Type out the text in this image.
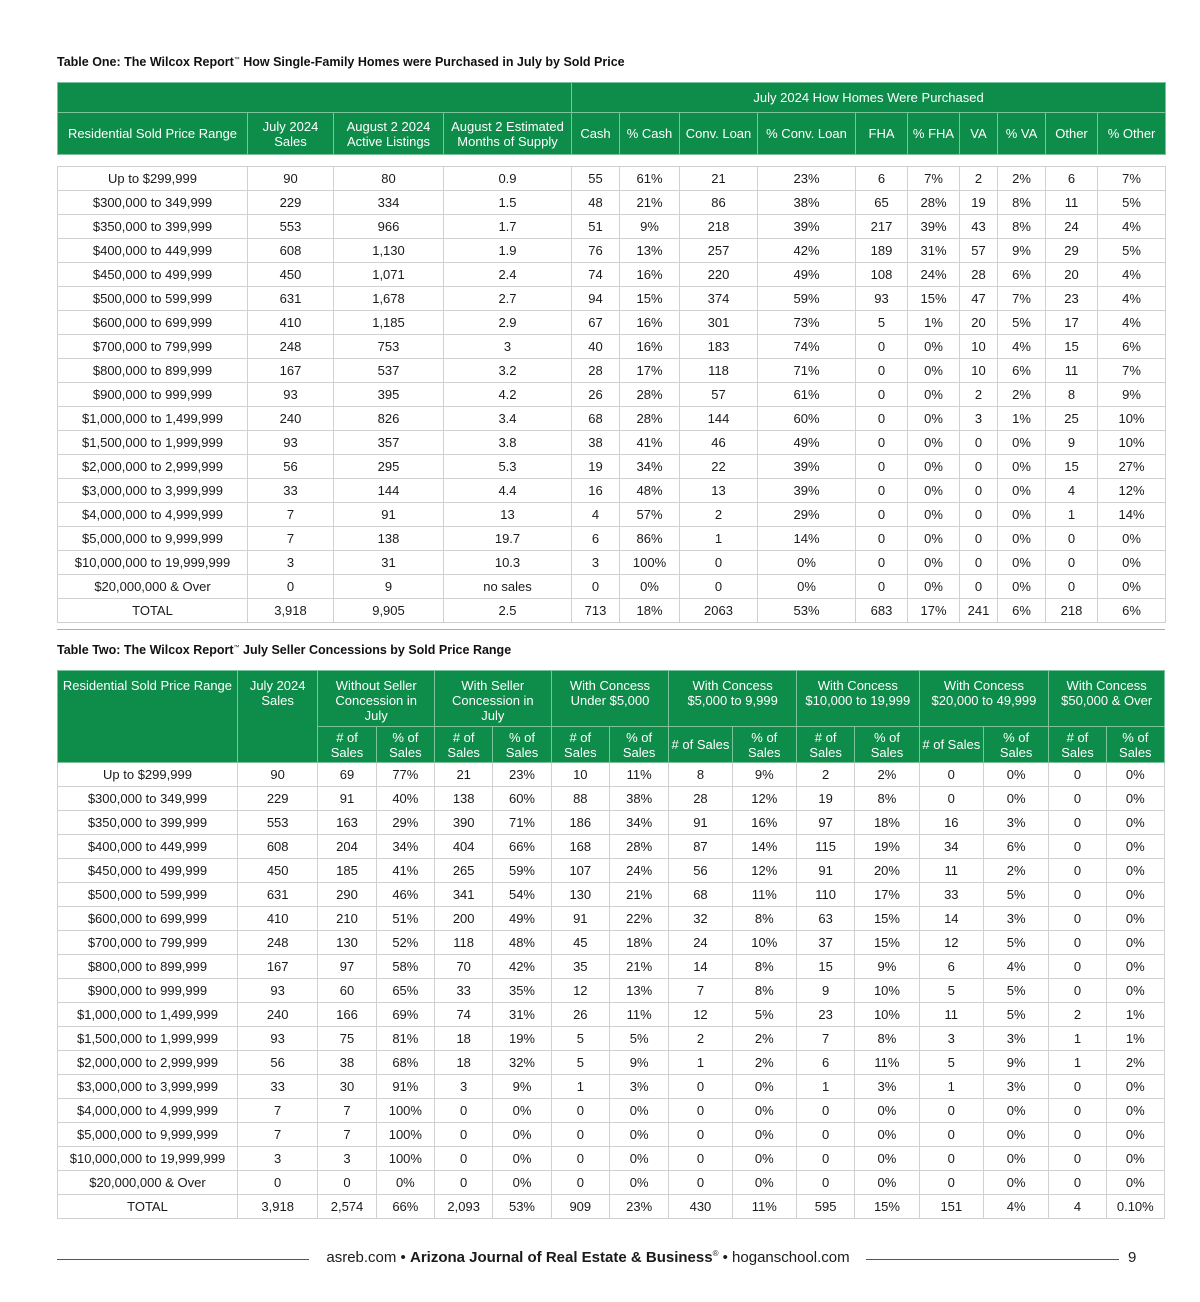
Table One: The Wilcox Report™ How Single-Family Homes were Purchased in July by Sold Price
				July 2024 How Homes Were Purchased									
Residential Sold Price Range	July 2024 Sales	August 2 2024 Active Listings	August 2 Estimated Months of Supply	Cash	% Cash	Conv. Loan	% Conv. Loan	FHA	% FHA	VA	% VA	Other	% Other

Up to $299,999	90	80	0.9	55	61%	21	23%	6	7%	2	2%	6	7%
$300,000 to 349,999	229	334	1.5	48	21%	86	38%	65	28%	19	8%	11	5%
$350,000 to 399,999	553	966	1.7	51	9%	218	39%	217	39%	43	8%	24	4%
$400,000 to 449,999	608	1,130	1.9	76	13%	257	42%	189	31%	57	9%	29	5%
$450,000 to 499,999	450	1,071	2.4	74	16%	220	49%	108	24%	28	6%	20	4%
$500,000 to 599,999	631	1,678	2.7	94	15%	374	59%	93	15%	47	7%	23	4%
$600,000 to 699,999	410	1,185	2.9	67	16%	301	73%	5	1%	20	5%	17	4%
$700,000 to 799,999	248	753	3	40	16%	183	74%	0	0%	10	4%	15	6%
$800,000 to 899,999	167	537	3.2	28	17%	118	71%	0	0%	10	6%	11	7%
$900,000 to 999,999	93	395	4.2	26	28%	57	61%	0	0%	2	2%	8	9%
$1,000,000 to 1,499,999	240	826	3.4	68	28%	144	60%	0	0%	3	1%	25	10%
$1,500,000 to 1,999,999	93	357	3.8	38	41%	46	49%	0	0%	0	0%	9	10%
$2,000,000 to 2,999,999	56	295	5.3	19	34%	22	39%	0	0%	0	0%	15	27%
$3,000,000 to 3,999,999	33	144	4.4	16	48%	13	39%	0	0%	0	0%	4	12%
$4,000,000 to 4,999,999	7	91	13	4	57%	2	29%	0	0%	0	0%	1	14%
$5,000,000 to 9,999,999	7	138	19.7	6	86%	1	14%	0	0%	0	0%	0	0%
$10,000,000 to 19,999,999	3	31	10.3	3	100%	0	0%	0	0%	0	0%	0	0%
$20,000,000 & Over	0	9	no sales	0	0%	0	0%	0	0%	0	0%	0	0%
TOTAL	3,918	9,905	2.5	713	18%	2063	53%	683	17%	241	6%	218	6%
Table Two: The Wilcox Report™ July Seller Concessions by Sold Price Range
Residential Sold Price Range	July 2024 Sales	Without Seller Concession in July		With Seller Concession in July		With Concess Under $5,000		With Concess $5,000 to 9,999		With Concess $10,000 to 19,999		With Concess $20,000 to 49,999		With Concess $50,000 & Over	
		# of Sales	% of Sales	# of Sales	% of Sales	# of Sales	% of Sales	# of Sales	% of Sales	# of Sales	% of Sales	# of Sales	% of Sales	# of Sales	% of Sales
Up to $299,999	90	69	77%	21	23%	10	11%	8	9%	2	2%	0	0%	0	0%
$300,000 to 349,999	229	91	40%	138	60%	88	38%	28	12%	19	8%	0	0%	0	0%
$350,000 to 399,999	553	163	29%	390	71%	186	34%	91	16%	97	18%	16	3%	0	0%
$400,000 to 449,999	608	204	34%	404	66%	168	28%	87	14%	115	19%	34	6%	0	0%
$450,000 to 499,999	450	185	41%	265	59%	107	24%	56	12%	91	20%	11	2%	0	0%
$500,000 to 599,999	631	290	46%	341	54%	130	21%	68	11%	110	17%	33	5%	0	0%
$600,000 to 699,999	410	210	51%	200	49%	91	22%	32	8%	63	15%	14	3%	0	0%
$700,000 to 799,999	248	130	52%	118	48%	45	18%	24	10%	37	15%	12	5%	0	0%
$800,000 to 899,999	167	97	58%	70	42%	35	21%	14	8%	15	9%	6	4%	0	0%
$900,000 to 999,999	93	60	65%	33	35%	12	13%	7	8%	9	10%	5	5%	0	0%
$1,000,000 to 1,499,999	240	166	69%	74	31%	26	11%	12	5%	23	10%	11	5%	2	1%
$1,500,000 to 1,999,999	93	75	81%	18	19%	5	5%	2	2%	7	8%	3	3%	1	1%
$2,000,000 to 2,999,999	56	38	68%	18	32%	5	9%	1	2%	6	11%	5	9%	1	2%
$3,000,000 to 3,999,999	33	30	91%	3	9%	1	3%	0	0%	1	3%	1	3%	0	0%
$4,000,000 to 4,999,999	7	7	100%	0	0%	0	0%	0	0%	0	0%	0	0%	0	0%
$5,000,000 to 9,999,999	7	7	100%	0	0%	0	0%	0	0%	0	0%	0	0%	0	0%
$10,000,000 to 19,999,999	3	3	100%	0	0%	0	0%	0	0%	0	0%	0	0%	0	0%
$20,000,000 & Over	0	0	0%	0	0%	0	0%	0	0%	0	0%	0	0%	0	0%
TOTAL	3,918	2,574	66%	2,093	53%	909	23%	430	11%	595	15%	151	4%	4	0.10%
asreb.com • Arizona Journal of Real Estate & Business® • hoganschool.com	9
